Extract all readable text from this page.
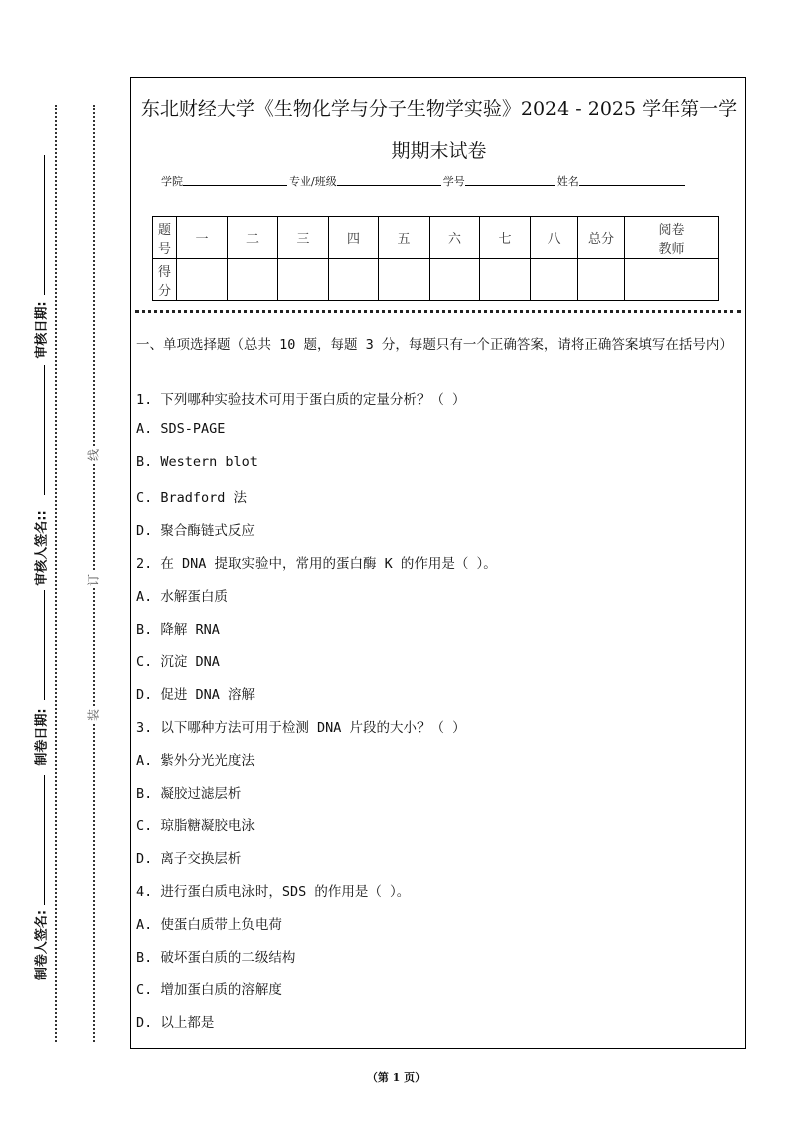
审核日期:
审核人签名::
制卷日期:
制卷人签名:
线
订
装
东北财经大学《生物化学与分子生物学实验》2024 - 2025 学年第一学期期末试卷
学院	专业/班级	学号	姓名
题号	一	二	三	四	五	六	七	八	总分	阅卷教师
得分										
一、单项选择题（总共 10 题，每题 3 分，每题只有一个正确答案，请将正确答案填写在括号内）
1. 下列哪种实验技术可用于蛋白质的定量分析？（ ）
A. SDS-PAGE
B. Western blot
C. Bradford 法
D. 聚合酶链式反应
2. 在 DNA 提取实验中，常用的蛋白酶 K 的作用是（ ）。
A. 水解蛋白质
B. 降解 RNA
C. 沉淀 DNA
D. 促进 DNA 溶解
3. 以下哪种方法可用于检测 DNA 片段的大小？（ ）
A. 紫外分光光度法
B. 凝胶过滤层析
C. 琼脂糖凝胶电泳
D. 离子交换层析
4. 进行蛋白质电泳时，SDS 的作用是（ ）。
A. 使蛋白质带上负电荷
B. 破坏蛋白质的二级结构
C. 增加蛋白质的溶解度
D. 以上都是
（第 1 页）
